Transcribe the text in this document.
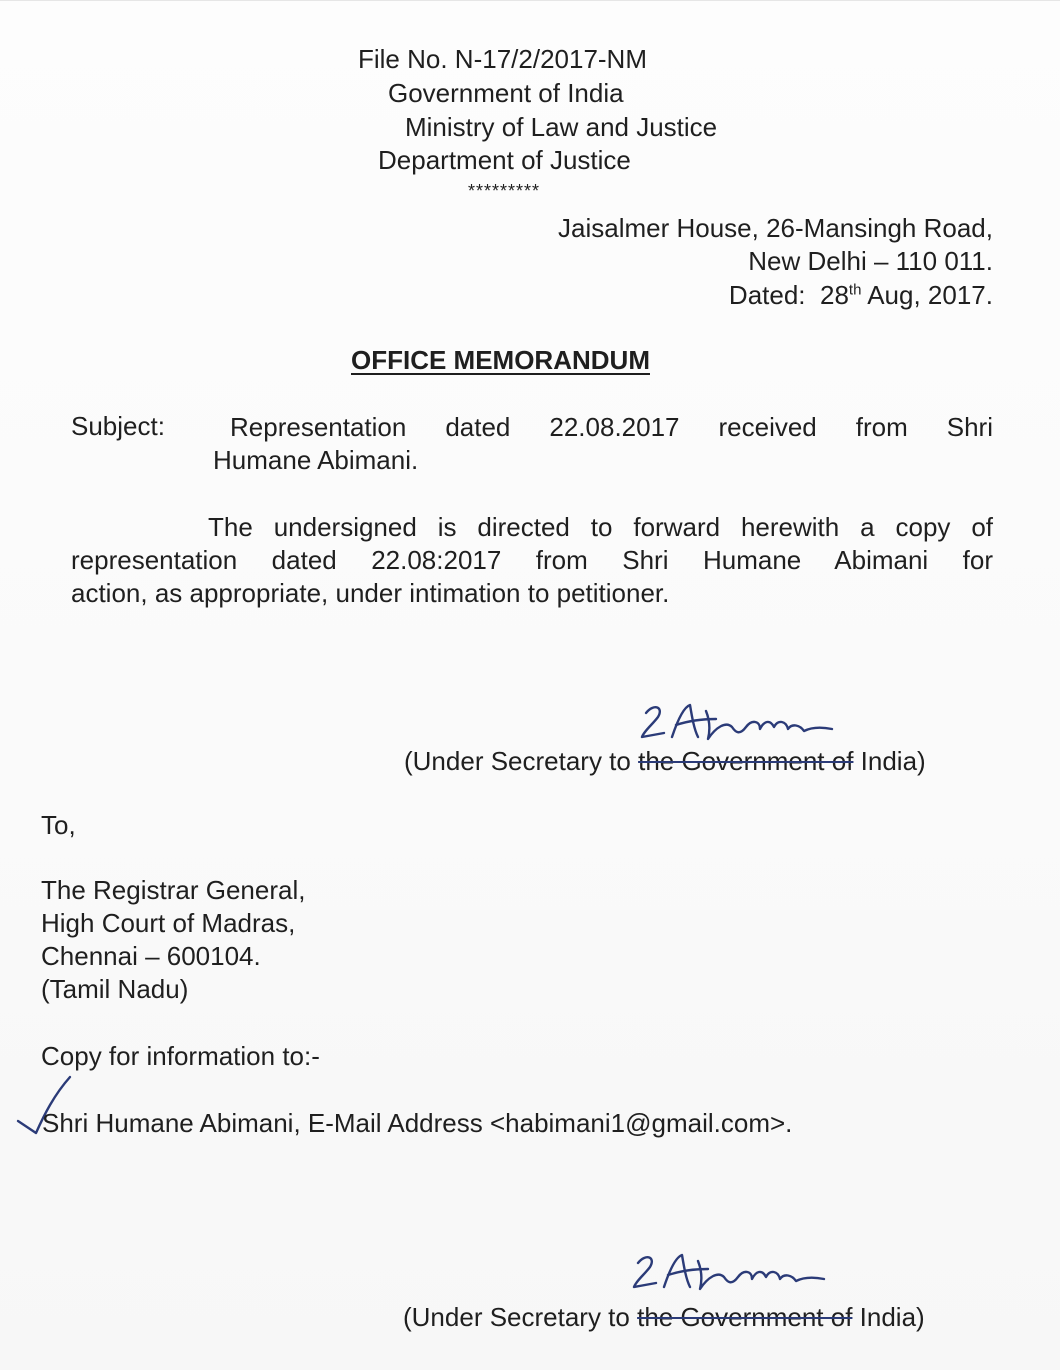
File No. N-17/2/2017-NM
Government of India
Ministry of Law and Justice
Department of Justice
*********
Jaisalmer House, 26-Mansingh Road,
New Delhi – 110 011.
Dated: 28th Aug, 2017.
OFFICE MEMORANDUM
Subject:	Representation dated 22.08.2017 received from Shri
Humane Abimani.
The undersigned is directed to forward herewith a copy of
representation dated 22.08:2017 from Shri Humane Abimani for
action, as appropriate, under intimation to petitioner.
(Under Secretary to the Government of India)
To,
The Registrar General,
High Court of Madras,
Chennai – 600104.
(Tamil Nadu)
Copy for information to:-
Shri Humane Abimani, E-Mail Address <habimani1@gmail.com>.
(Under Secretary to the Government of India)
